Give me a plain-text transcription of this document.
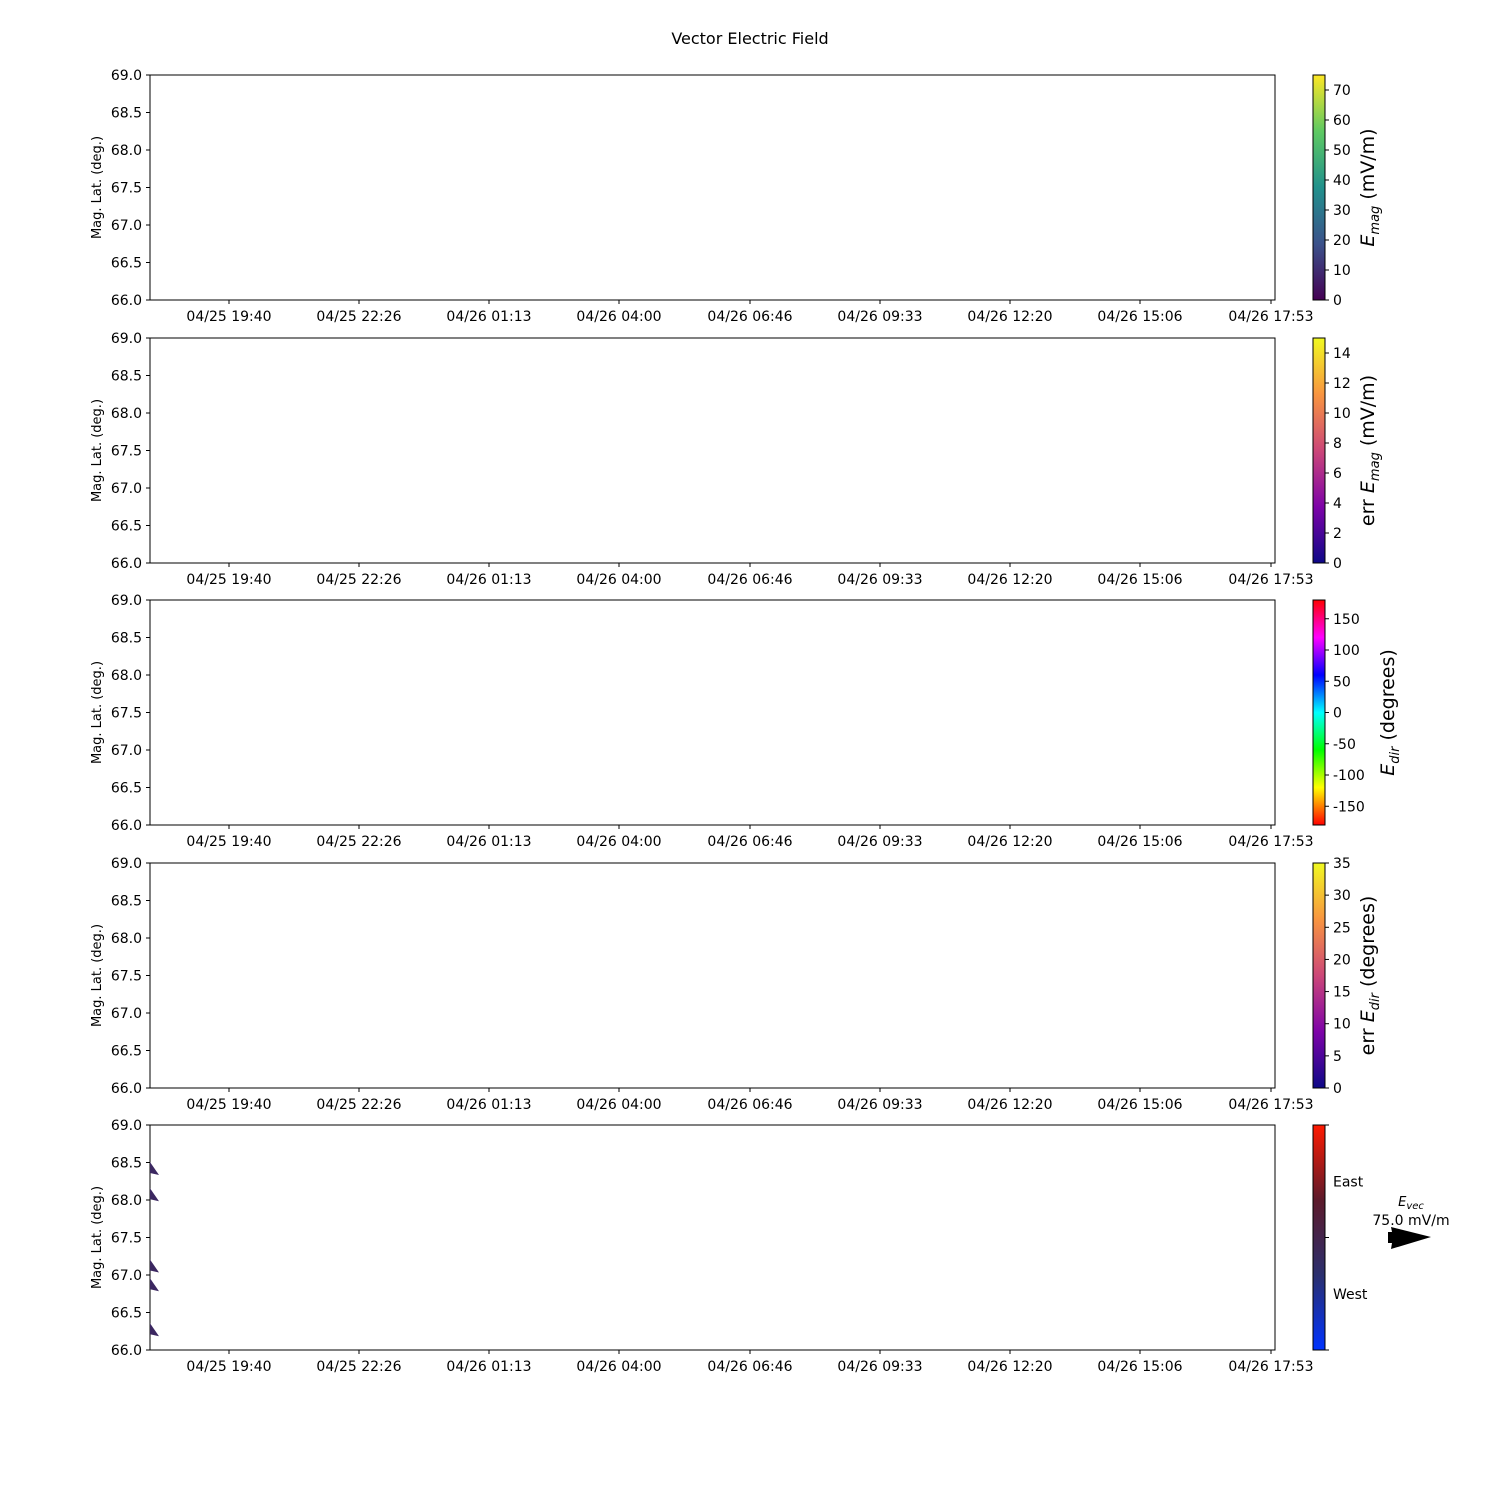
Vector Electric Field
66.0
66.5
67.0
67.5
68.0
68.5
69.0
Mag. Lat. (deg.)
04/25 19:40	04/25 22:26	04/26 01:13	04/26 04:00	04/26 06:46	04/26 09:33	04/26 12:20	04/26 15:06	04/26 17:53
0
10
20
30
40
50
60
70
$E_{mag}$ (mV/m)
66.0
66.5
67.0
67.5
68.0
68.5
69.0
Mag. Lat. (deg.)
04/25 19:40	04/25 22:26	04/26 01:13	04/26 04:00	04/26 06:46	04/26 09:33	04/26 12:20	04/26 15:06	04/26 17:53
0
2
4
6
8
10
12
14
err $E_{mag}$ (mV/m)
66.0
66.5
67.0
67.5
68.0
68.5
69.0
Mag. Lat. (deg.)
04/25 19:40	04/25 22:26	04/26 01:13	04/26 04:00	04/26 06:46	04/26 09:33	04/26 12:20	04/26 15:06	04/26 17:53
-150
-100
-50
0
50
100
150
$E_{dir}$ (degrees)
66.0
66.5
67.0
67.5
68.0
68.5
69.0
Mag. Lat. (deg.)
04/25 19:40	04/25 22:26	04/26 01:13	04/26 04:00	04/26 06:46	04/26 09:33	04/26 12:20	04/26 15:06	04/26 17:53
0
5
10
15
20
25
30
35
err $E_{dir}$ (degrees)
66.0
66.5
67.0
67.5
68.0
68.5
69.0
Mag. Lat. (deg.)
04/25 19:40	04/25 22:26	04/26 01:13	04/26 04:00	04/26 06:46	04/26 09:33	04/26 12:20	04/26 15:06	04/26 17:53
West
East
$E_{vec}$
75.0 mV/m
